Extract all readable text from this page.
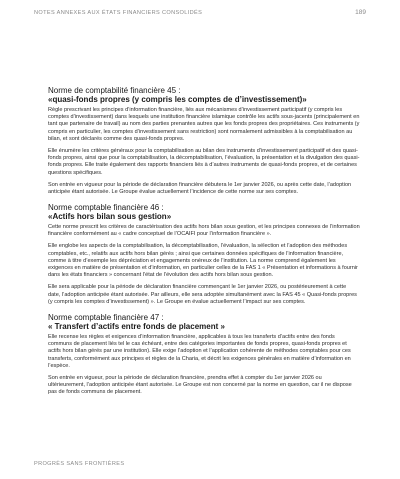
NOTES ANNEXES AUX ÉTATS FINANCIERS CONSOLIDÉS	189
Norme de comptabilité financière 45 :
«quasi-fonds propres (y compris les comptes de d’investissement)»

Règle prescrivant les principes d’information financière, liés aux mécanismes d’investissement participatif (y compris les comptes d’investissement) dans lesquels une institution financière islamique contrôle les actifs sous-jacents (principalement en tant que partenaire de travail) au nom des parties prenantes autres que les fonds propres des propriétaires. Ces instruments (y compris en particulier, les comptes d’investissement sans restriction) sont normalement admissibles à la comptabilisation au bilan, et sont déclarés comme des quasi-fonds propres.

Elle énumère les critères généraux pour la comptabilisation au bilan des instruments d’investissement participatif et des quasi-fonds propres, ainsi que pour la comptabilisation, la décomptabilisation, l’évaluation, la présentation et la divulgation des quasi-fonds propres. Elle traite également des rapports financiers liés à d’autres instruments de quasi-fonds propres, et de certaines questions spécifiques.

Son entrée en vigueur pour la période de déclaration financière débutera le 1er janvier 2026, ou après cette date, l’adoption anticipée étant autorisée. Le Groupe évalue actuellement l’incidence de cette norme sur ses comptes.

Norme comptable financière 46 :
«Actifs hors bilan sous gestion»

Cette norme prescrit les critères de caractérisation des actifs hors bilan sous gestion, et les principes connexes de l’information financière conformément au « cadre conceptuel de l’OCAIFI pour l’information financière ».

Elle englobe les aspects de la comptabilisation, la décomptabilisation, l’évaluation, la sélection et l’adoption des méthodes comptables, etc., relatifs aux actifs hors bilan gérés ; ainsi que certaines données spécifiques de l’information financière, comme à titre d’exemple les dépréciation et engagements onéreux de l’institution. La norme comprend également les exigences en matière de présentation et d’information, en particulier celles de la FAS 1 « Présentation et informations à fournir dans les états financiers » concernant l’état de l’évolution des actifs hors bilan sous gestion.

Elle sera applicable pour la période de déclaration financière commençant le 1er janvier 2026, ou postérieurement à cette date, l’adoption anticipée étant autorisée. Par ailleurs, elle sera adoptée simultanément avec la FAS 45 « Quasi-fonds propres (y compris les comptes d’investissement) ». Le Groupe en évalue actuellement l’impact sur ses comptes.

Norme comptable financière 47 :
« Transfert d’actifs entre fonds de placement »

Elle recense les règles et exigences d’information financière, applicables à tous les transferts d’actifs entre des fonds communs de placement liés tel le cas échéant, entre des catégories importantes de fonds propres, quasi-fonds propres et actifs hors bilan gérés par une institution). Elle exige l’adoption et l’application cohérente de méthodes comptables pour ces transferts, conformément aux principes et règles de la Charia, et décrit les exigences générales en matière d’information en l’espèce.

Son entrée en vigueur, pour la période de déclaration financière, prendra effet à compter du 1er janvier 2026 ou ultérieurement, l’adoption anticipée étant autorisée. Le Groupe est non concerné par la norme en question, car il ne dispose pas de fonds communs de placement.

PROGRÈS SANS FRONTIÈRES
